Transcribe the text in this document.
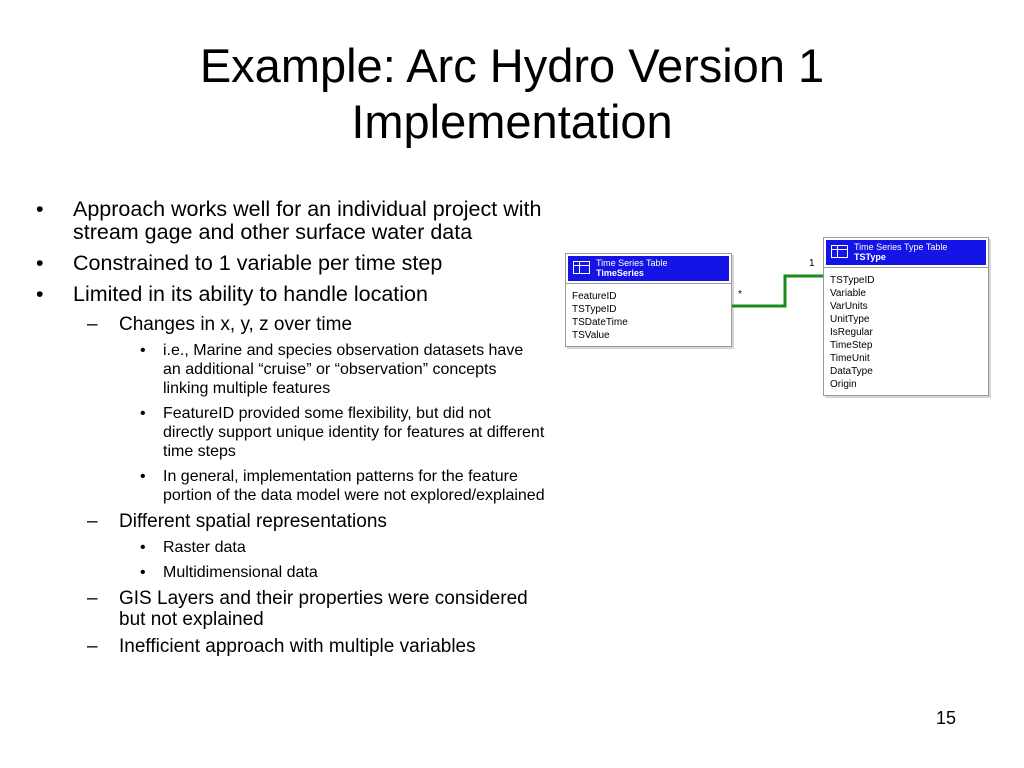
Example: Arc Hydro Version 1
Implementation
• Approach works well for an individual project with stream gage and other surface water data
• Constrained to 1 variable per time step
• Limited in its ability to handle location
– Changes in x, y, z over time
• i.e., Marine and species observation datasets have an additional “cruise” or “observation” concepts linking multiple features
• FeatureID provided some flexibility, but did not directly support unique identity for features at different time steps
• In general, implementation patterns for the feature portion of the data model were not explored/explained
– Different spatial representations
• Raster data
• Multidimensional data
– GIS Layers and their properties were considered but not explained
– Inefficient approach with multiple variables
Time Series Table
TimeSeries
FeatureID
TSTypeID
TSDateTime
TSValue
Time Series Type Table
TSType
TSTypeID
Variable
VarUnits
UnitType
IsRegular
TimeStep
TimeUnit
DataType
Origin
*
1
15
